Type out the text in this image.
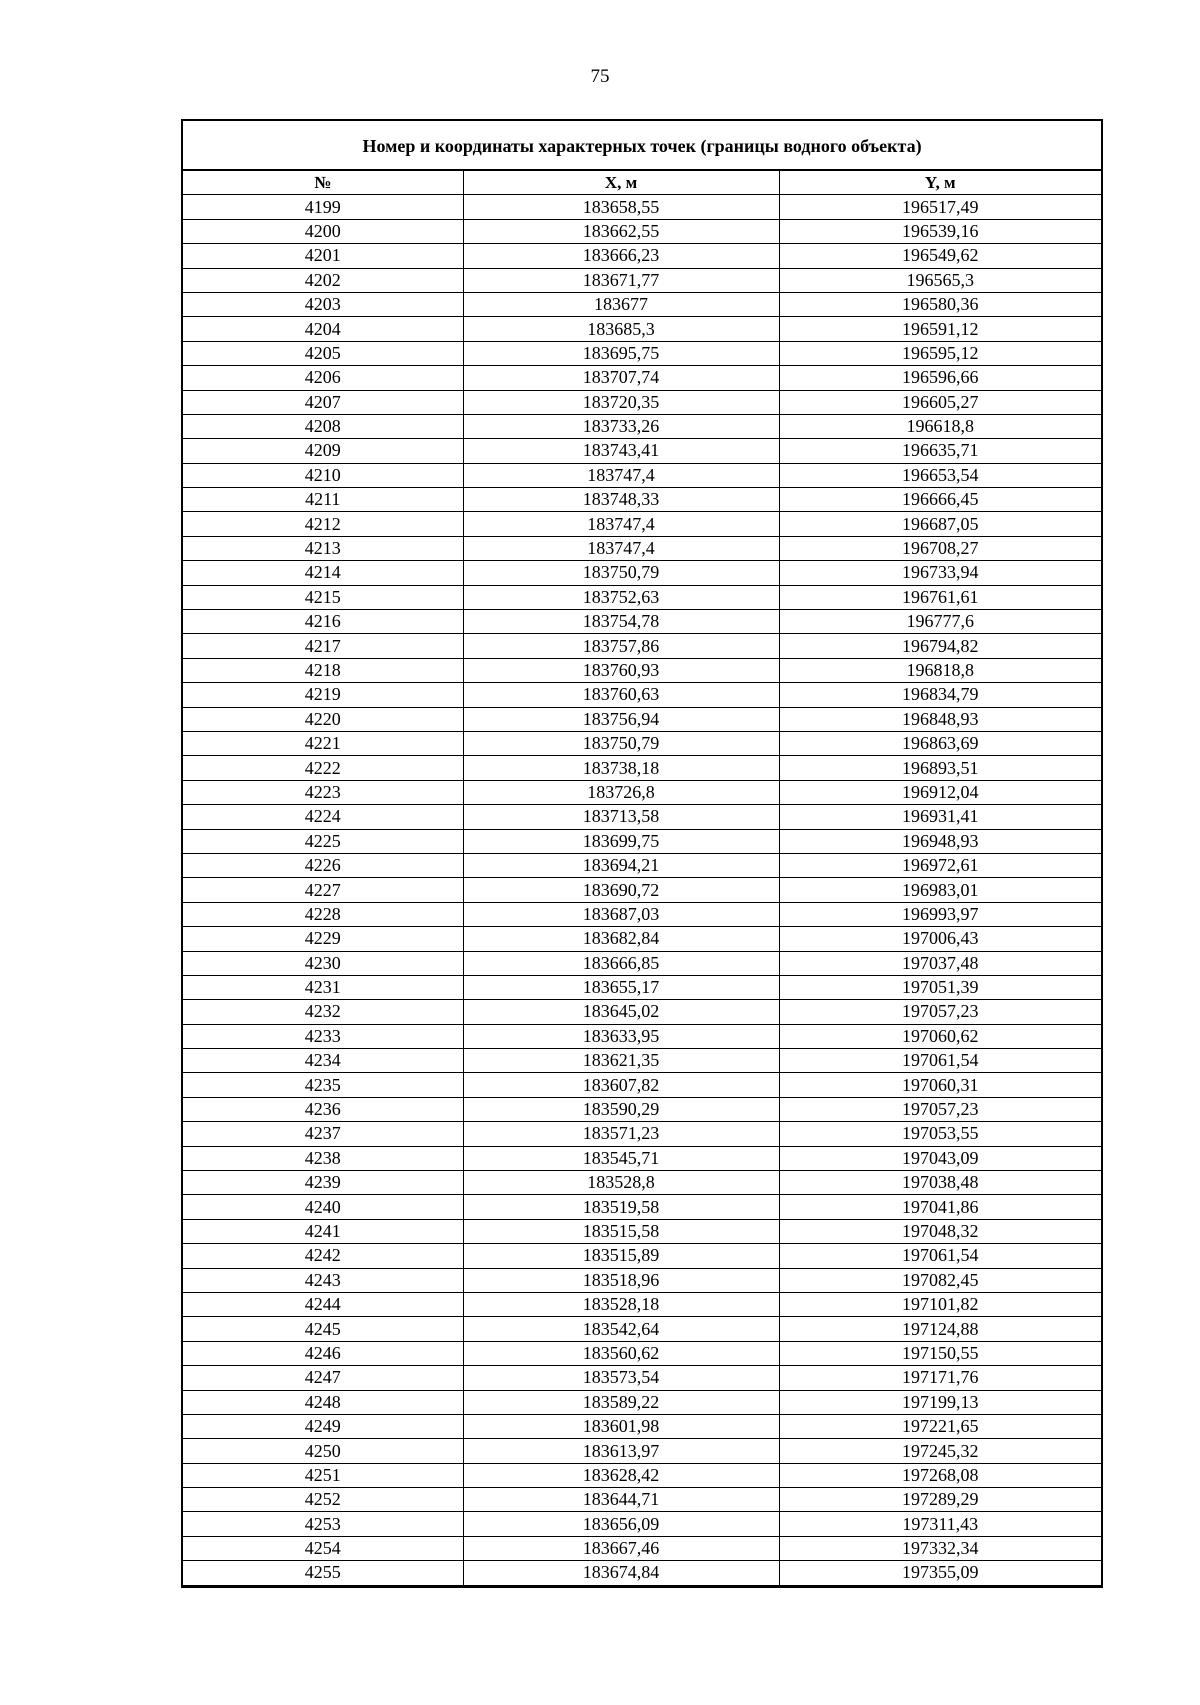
75
Номер и координаты характерных точек (границы водного объекта)
№	X, м	Y, м
4199	183658,55	196517,49
4200	183662,55	196539,16
4201	183666,23	196549,62
4202	183671,77	196565,3
4203	183677	196580,36
4204	183685,3	196591,12
4205	183695,75	196595,12
4206	183707,74	196596,66
4207	183720,35	196605,27
4208	183733,26	196618,8
4209	183743,41	196635,71
4210	183747,4	196653,54
4211	183748,33	196666,45
4212	183747,4	196687,05
4213	183747,4	196708,27
4214	183750,79	196733,94
4215	183752,63	196761,61
4216	183754,78	196777,6
4217	183757,86	196794,82
4218	183760,93	196818,8
4219	183760,63	196834,79
4220	183756,94	196848,93
4221	183750,79	196863,69
4222	183738,18	196893,51
4223	183726,8	196912,04
4224	183713,58	196931,41
4225	183699,75	196948,93
4226	183694,21	196972,61
4227	183690,72	196983,01
4228	183687,03	196993,97
4229	183682,84	197006,43
4230	183666,85	197037,48
4231	183655,17	197051,39
4232	183645,02	197057,23
4233	183633,95	197060,62
4234	183621,35	197061,54
4235	183607,82	197060,31
4236	183590,29	197057,23
4237	183571,23	197053,55
4238	183545,71	197043,09
4239	183528,8	197038,48
4240	183519,58	197041,86
4241	183515,58	197048,32
4242	183515,89	197061,54
4243	183518,96	197082,45
4244	183528,18	197101,82
4245	183542,64	197124,88
4246	183560,62	197150,55
4247	183573,54	197171,76
4248	183589,22	197199,13
4249	183601,98	197221,65
4250	183613,97	197245,32
4251	183628,42	197268,08
4252	183644,71	197289,29
4253	183656,09	197311,43
4254	183667,46	197332,34
4255	183674,84	197355,09
